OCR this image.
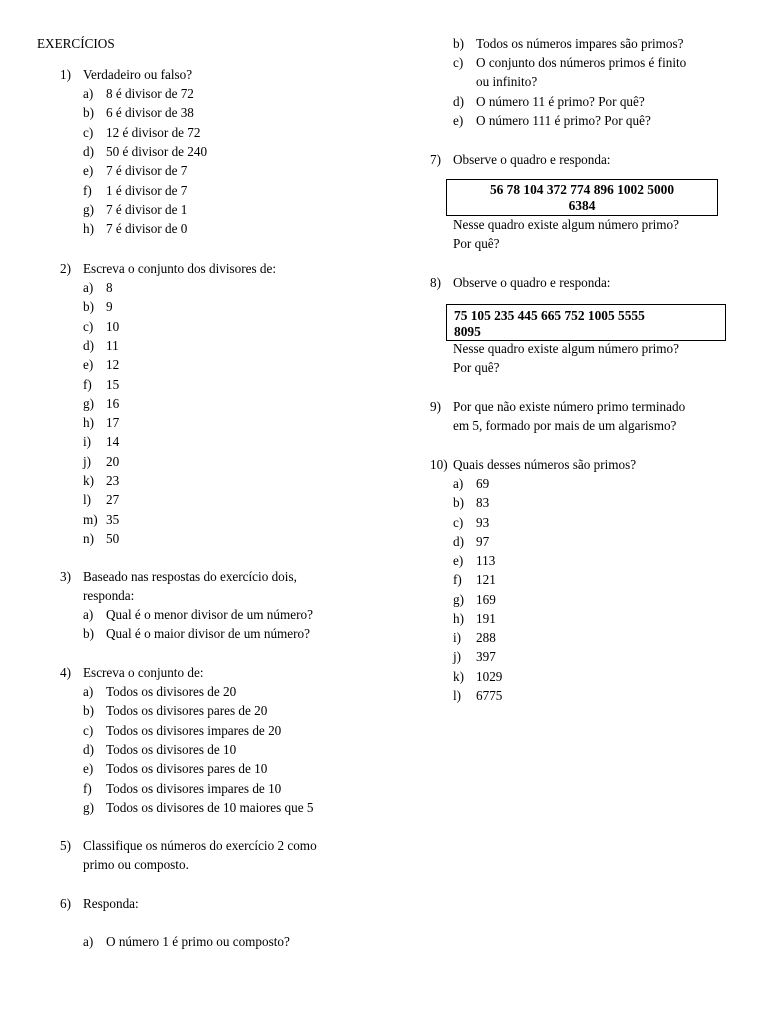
EXERCÍCIOS
1) Verdadeiro ou falso?
a) 8 é divisor de 72
b) 6 é divisor de 38
c) 12 é divisor de 72
d) 50 é divisor de 240
e) 7 é divisor de 7
f) 1 é divisor de 7
g) 7 é divisor de 1
h) 7 é divisor de 0
2) Escreva o conjunto dos divisores de:
a) 8
b) 9
c) 10
d) 11
e) 12
f) 15
g) 16
h) 17
i) 14
j) 20
k) 23
l) 27
m) 35
n) 50
3) Baseado nas respostas do exercício dois,
responda:
a) Qual é o menor divisor de um número?
b) Qual é o maior divisor de um número?
4) Escreva o conjunto de:
a) Todos os divisores de 20
b) Todos os divisores pares de 20
c) Todos os divisores impares de 20
d) Todos os divisores de 10
e) Todos os divisores pares de 10
f) Todos os divisores impares de 10
g) Todos os divisores de 10 maiores que 5
5) Classifique os números do exercício 2 como
primo ou composto.
6) Responda:
a) O número 1 é primo ou composto?
b) Todos os números impares são primos?
c) O conjunto dos números primos é finito
ou infinito?
d) O número 11 é primo? Por quê?
e) O número 111 é primo? Por quê?
7) Observe o quadro e responda:
56 78 104 372 774 896 1002 5000
6384
Nesse quadro existe algum número primo?
Por quê?
8) Observe o quadro e responda:
75 105 235 445 665 752 1005 5555
8095
Nesse quadro existe algum número primo?
Por quê?
9) Por que não existe número primo terminado
em 5, formado por mais de um algarismo?
10) Quais desses números são primos?
a) 69
b) 83
c) 93
d) 97
e) 113
f) 121
g) 169
h) 191
i) 288
j) 397
k) 1029
l) 6775
